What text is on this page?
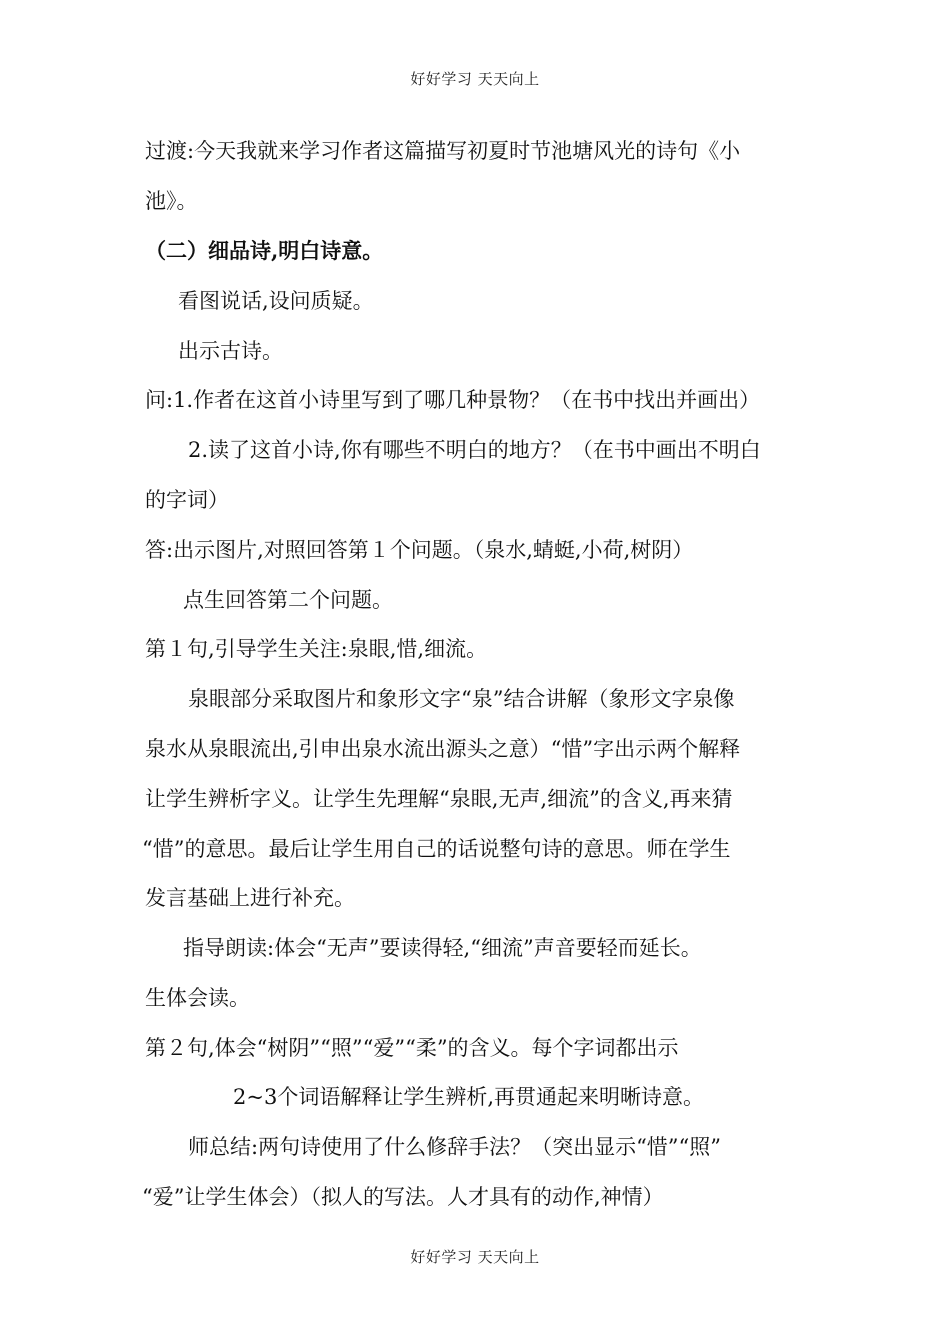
好好学习 天天向上
过渡:今天我就来学习作者这篇描写初夏时节池塘风光的诗句《小
池》。
（二）细品诗,明白诗意。
看图说话,设问质疑。
出示古诗。
问:1.作者在这首小诗里写到了哪几种景物？（在书中找出并画出）
2.读了这首小诗,你有哪些不明白的地方？（在书中画出不明白
的字词）
答:出示图片,对照回答第１个问题。（泉水,蜻蜓,小荷,树阴）
点生回答第二个问题。
第１句,引导学生关注:泉眼,惜,细流。
泉眼部分采取图片和象形文字“泉”结合讲解（象形文字泉像
泉水从泉眼流出,引申出泉水流出源头之意）“惜”字出示两个解释
让学生辨析字义。让学生先理解“泉眼,无声,细流”的含义,再来猜
“惜”的意思。最后让学生用自己的话说整句诗的意思。师在学生
发言基础上进行补充。
指导朗读:体会“无声”要读得轻,“细流”声音要轻而延长。
生体会读。
第２句,体会“树阴”“照”“爱”“柔”的含义。每个字词都出示
2~3个词语解释让学生辨析,再贯通起来明晰诗意。
师总结:两句诗使用了什么修辞手法？（突出显示“惜”“照”
“爱”让学生体会）（拟人的写法。人才具有的动作,神情）
好好学习 天天向上
